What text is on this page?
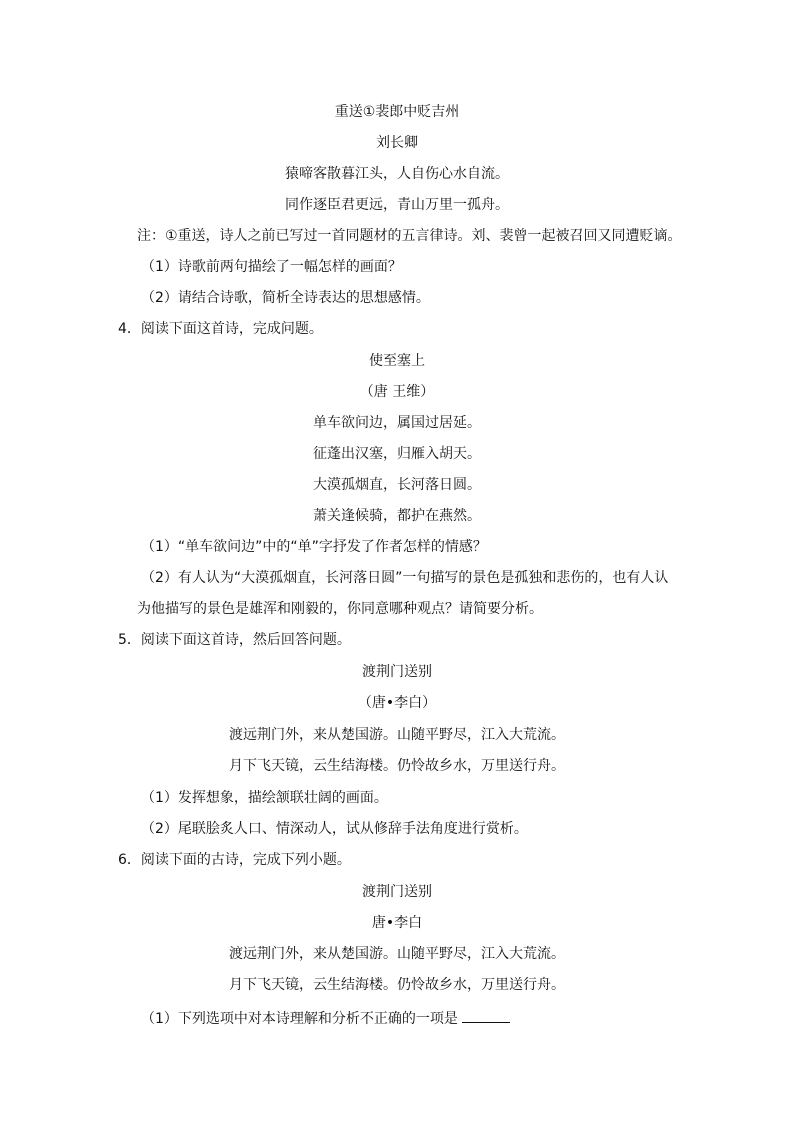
重送①裴郎中贬吉州
刘长卿
猿啼客散暮江头，人自伤心水自流。
同作逐臣君更远，青山万里一孤舟。
注：①重送，诗人之前已写过一首同题材的五言律诗。刘、裴曾一起被召回又同遭贬谪。
（1）诗歌前两句描绘了一幅怎样的画面？
（2）请结合诗歌，简析全诗表达的思想感情。
4．阅读下面这首诗，完成问题。
使至塞上
（唐 王维）
单车欲问边，属国过居延。
征蓬出汉塞，归雁入胡天。
大漠孤烟直，长河落日圆。
萧关逢候骑，都护在燕然。
（1）“单车欲问边”中的“单”字抒发了作者怎样的情感？
（2）有人认为“大漠孤烟直，长河落日圆”一句描写的景色是孤独和悲伤的，也有人认
为他描写的景色是雄浑和刚毅的，你同意哪种观点？请简要分析。
5．阅读下面这首诗，然后回答问题。
渡荆门送别
（唐•李白）
渡远荆门外，来从楚国游。山随平野尽，江入大荒流。
月下飞天镜，云生结海楼。仍怜故乡水，万里送行舟。
（1）发挥想象，描绘颔联壮阔的画面。
（2）尾联脍炙人口、情深动人，试从修辞手法角度进行赏析。
6．阅读下面的古诗，完成下列小题。
渡荆门送别
唐•李白
渡远荆门外，来从楚国游。山随平野尽，江入大荒流。
月下飞天镜，云生结海楼。仍怜故乡水，万里送行舟。
（1）下列选项中对本诗理解和分析不正确的一项是
